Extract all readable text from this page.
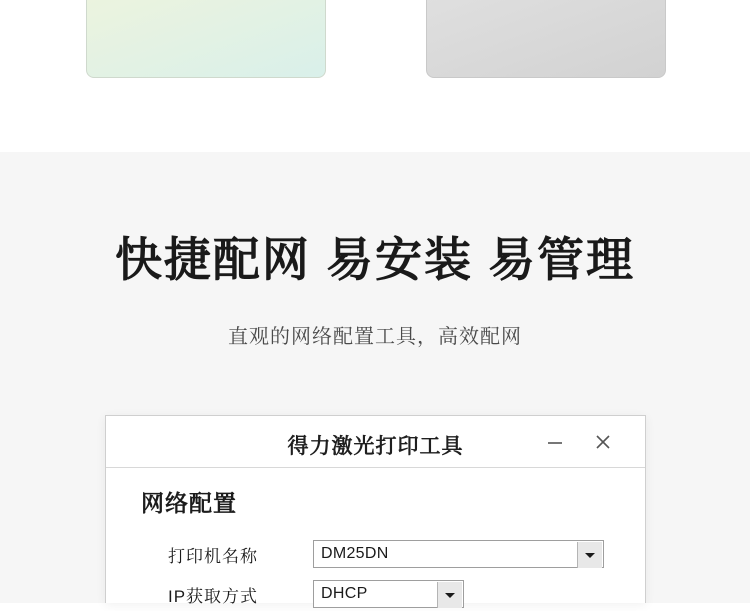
快捷配网 易安装 易管理
直观的网络配置工具，高效配网
得力激光打印工具
网络配置
打印机名称	DM25DN
IP获取方式	DHCP
